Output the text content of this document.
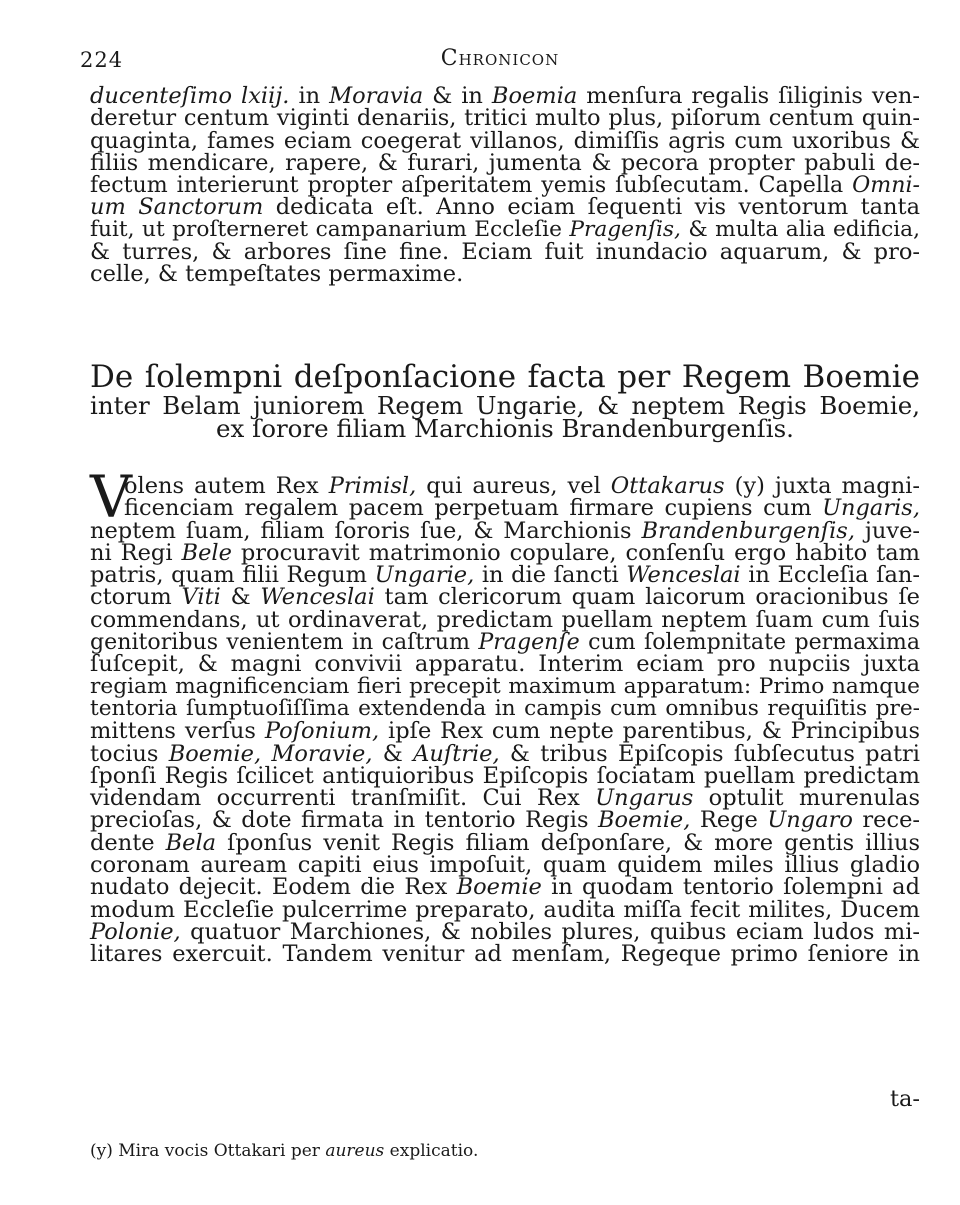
224	Chronicon
ducenteſimo lxiij. in Moravia & in Boemia menſura regalis ſiliginis ven-
deretur centum viginti denariis, tritici multo plus, piſorum centum quin-
quaginta, fames eciam coegerat villanos, dimiſſis agris cum uxoribus &
filiis mendicare, rapere, & furari, jumenta & pecora propter pabuli de-
fectum interierunt propter aſperitatem yemis ſubſecutam. Capella Omni-
um Sanctorum dedicata eſt. Anno eciam ſequenti vis ventorum tanta
fuit, ut proſterneret campanarium Eccleſie Pragenſis, & multa alia edificia,
& turres, & arbores ſine fine. Eciam fuit inundacio aquarum, & pro-
celle, & tempeſtates permaxime.
De ſolempni deſponſacione facta per Regem Boemie
inter Belam juniorem Regem Ungarie, & neptem Regis Boemie,
ex ſorore filiam Marchionis Brandenburgenſis.
V
olens autem Rex Primisl, qui aureus, vel Ottakarus (y) juxta magni-
ficenciam regalem pacem perpetuam firmare cupiens cum Ungaris,
neptem ſuam, filiam ſororis ſue, & Marchionis Brandenburgenſis, juve-
ni Regi Bele procuravit matrimonio copulare, conſenſu ergo habito tam
patris, quam filii Regum Ungarie, in die ſancti Wenceslai in Eccleſia ſan-
ctorum Viti & Wenceslai tam clericorum quam laicorum oracionibus ſe
commendans, ut ordinaverat, predictam puellam neptem ſuam cum ſuis
genitoribus venientem in caſtrum Pragenſe cum ſolempnitate permaxima
ſuſcepit, & magni convivii apparatu. Interim eciam pro nupciis juxta
regiam magnificenciam fieri precepit maximum apparatum: Primo namque
tentoria ſumptuoſiſſima extendenda in campis cum omnibus requiſitis pre-
mittens verſus Poſonium, ipſe Rex cum nepte parentibus, & Principibus
tocius Boemie, Moravie, & Auſtrie, & tribus Epiſcopis ſubſecutus patri
ſponſi Regis ſcilicet antiquioribus Epiſcopis ſociatam puellam predictam
videndam occurrenti tranſmiſit. Cui Rex Ungarus optulit murenulas
precioſas, & dote firmata in tentorio Regis Boemie, Rege Ungaro rece-
dente Bela ſponſus venit Regis filiam deſponſare, & more gentis illius
coronam auream capiti eius impoſuit, quam quidem miles illius gladio
nudato dejecit. Eodem die Rex Boemie in quodam tentorio ſolempni ad
modum Eccleſie pulcerrime preparato, audita miſſa fecit milites, Ducem
Polonie, quatuor Marchiones, & nobiles plures, quibus eciam ludos mi-
litares exercuit. Tandem venitur ad menſam, Regeque primo ſeniore in
ta-
(y) Mira vocis Ottakari per aureus explicatio.
